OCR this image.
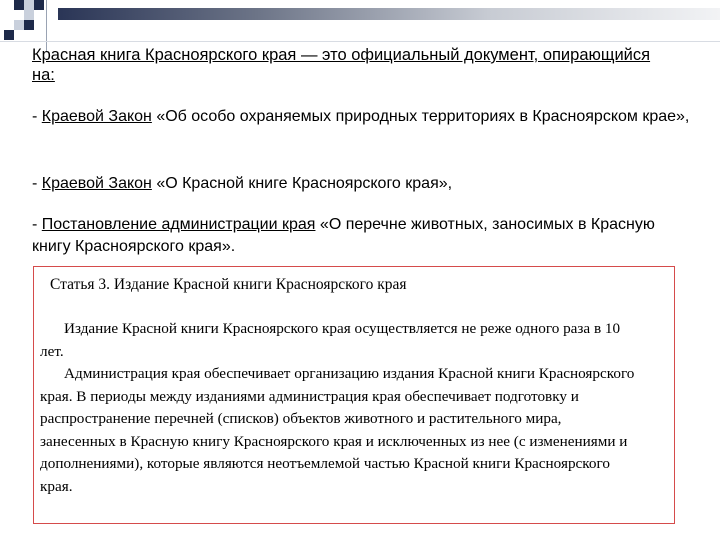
Красная книга Красноярского края — это официальный документ, опирающийся на:
- Краевой Закон «Об особо охраняемых природных территориях в Красноярском крае»,
- Краевой Закон «О Красной книге Красноярского края»,
- Постановление администрации края «О перечне животных, заносимых в Красную книгу Красноярского края».
Статья 3. Издание Красной книги Красноярского края

Издание Красной книги Красноярского края осуществляется не реже одного раза в 10 лет.

Администрация края обеспечивает организацию издания Красной книги Красноярского края. В периоды между изданиями администрация края обеспечивает подготовку и распространение перечней (списков) объектов животного и растительного мира, занесенных в Красную книгу Красноярского края и исключенных из нее (с изменениями и дополнениями), которые являются неотъемлемой частью Красной книги Красноярского края.
